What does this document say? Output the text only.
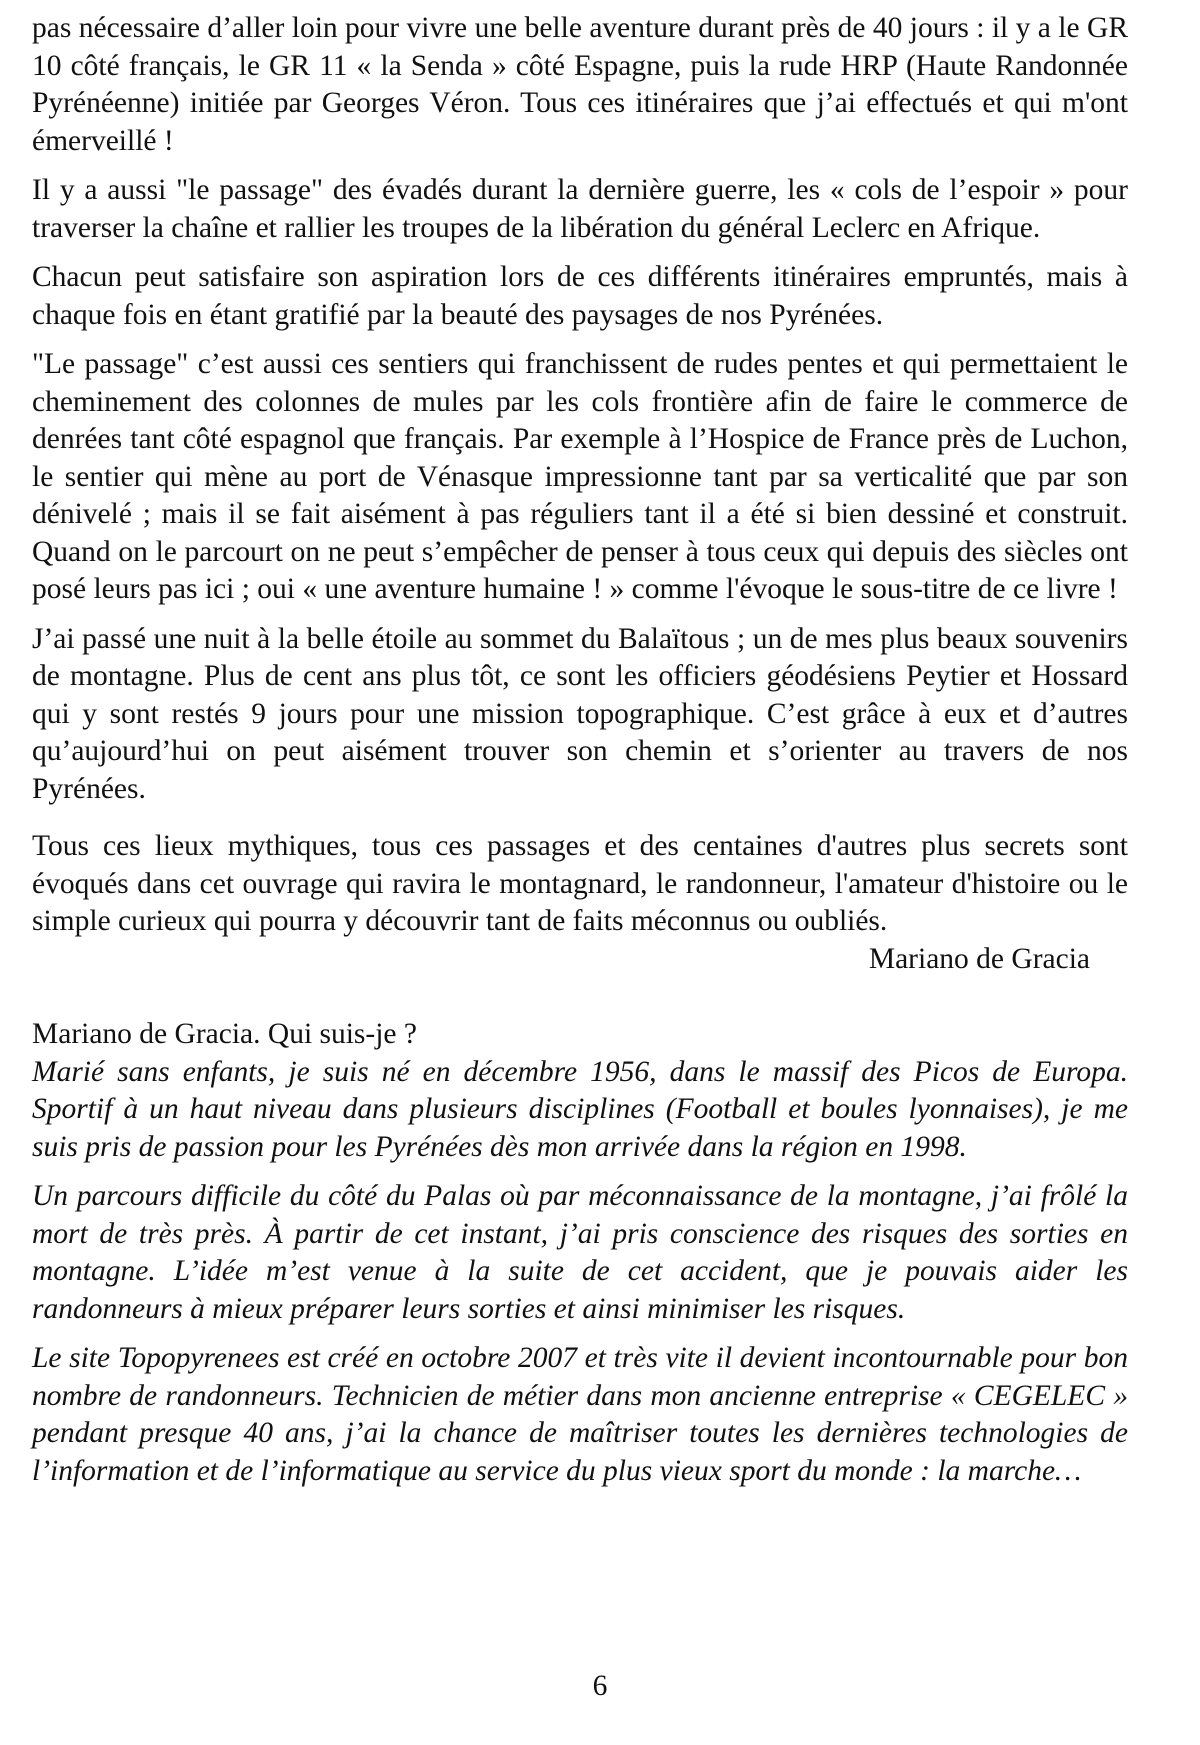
pas nécessaire d’aller loin pour vivre une belle aventure durant près de 40 jours : il y a le GR 10 côté français, le GR 11 « la Senda » côté Espagne, puis la rude HRP (Haute Randonnée Pyrénéenne) initiée par Georges Véron. Tous ces itinéraires que j’ai effectués et qui m'ont émerveillé !

Il y a aussi "le passage" des évadés durant la dernière guerre, les « cols de l’espoir » pour traverser la chaîne et rallier les troupes de la libération du général Leclerc en Afrique.

Chacun peut satisfaire son aspiration lors de ces différents itinéraires empruntés, mais à chaque fois en étant gratifié par la beauté des paysages de nos Pyrénées.

"Le passage" c’est aussi ces sentiers qui franchissent de rudes pentes et qui permettaient le cheminement des colonnes de mules par les cols frontière afin de faire le commerce de denrées tant côté espagnol que français. Par exemple à l’Hospice de France près de Luchon, le sentier qui mène au port de Vénasque impressionne tant par sa verticalité que par son dénivelé ; mais il se fait aisément à pas réguliers tant il a été si bien dessiné et construit. Quand on le parcourt on ne peut s’empêcher de penser à tous ceux qui depuis des siècles ont posé leurs pas ici ; oui « une aventure humaine ! » comme l'évoque le sous-titre de ce livre !

J’ai passé une nuit à la belle étoile au sommet du Balaïtous ; un de mes plus beaux souvenirs de montagne. Plus de cent ans plus tôt, ce sont les officiers géodésiens Peytier et Hossard qui y sont restés 9 jours pour une mission topographique. C’est grâce à eux et d’autres qu’aujourd’hui on peut aisément trouver son chemin et s’orienter au travers de nos Pyrénées.

Tous ces lieux mythiques, tous ces passages et des centaines d'autres plus secrets sont évoqués dans cet ouvrage qui ravira le montagnard, le randonneur, l'amateur d'histoire ou le simple curieux qui pourra y découvrir tant de faits méconnus ou oubliés.

Mariano de Gracia

Mariano de Gracia. Qui suis-je ?

Marié sans enfants, je suis né en décembre 1956, dans le massif des Picos de Europa. Sportif à un haut niveau dans plusieurs disciplines (Football et boules lyonnaises), je me suis pris de passion pour les Pyrénées dès mon arrivée dans la région en 1998.

Un parcours difficile du côté du Palas où par méconnaissance de la montagne, j’ai frôlé la mort de très près. À partir de cet instant, j’ai pris conscience des risques des sorties en montagne. L’idée m’est venue à la suite de cet accident, que je pouvais aider les randonneurs à mieux préparer leurs sorties et ainsi minimiser les risques.

Le site Topopyrenees est créé en octobre 2007 et très vite il devient incontournable pour bon nombre de randonneurs. Technicien de métier dans mon ancienne entreprise « CEGELEC » pendant presque 40 ans, j’ai la chance de maîtriser toutes les dernières technologies de l’information et de l’informatique au service du plus vieux sport du monde : la marche…

6
